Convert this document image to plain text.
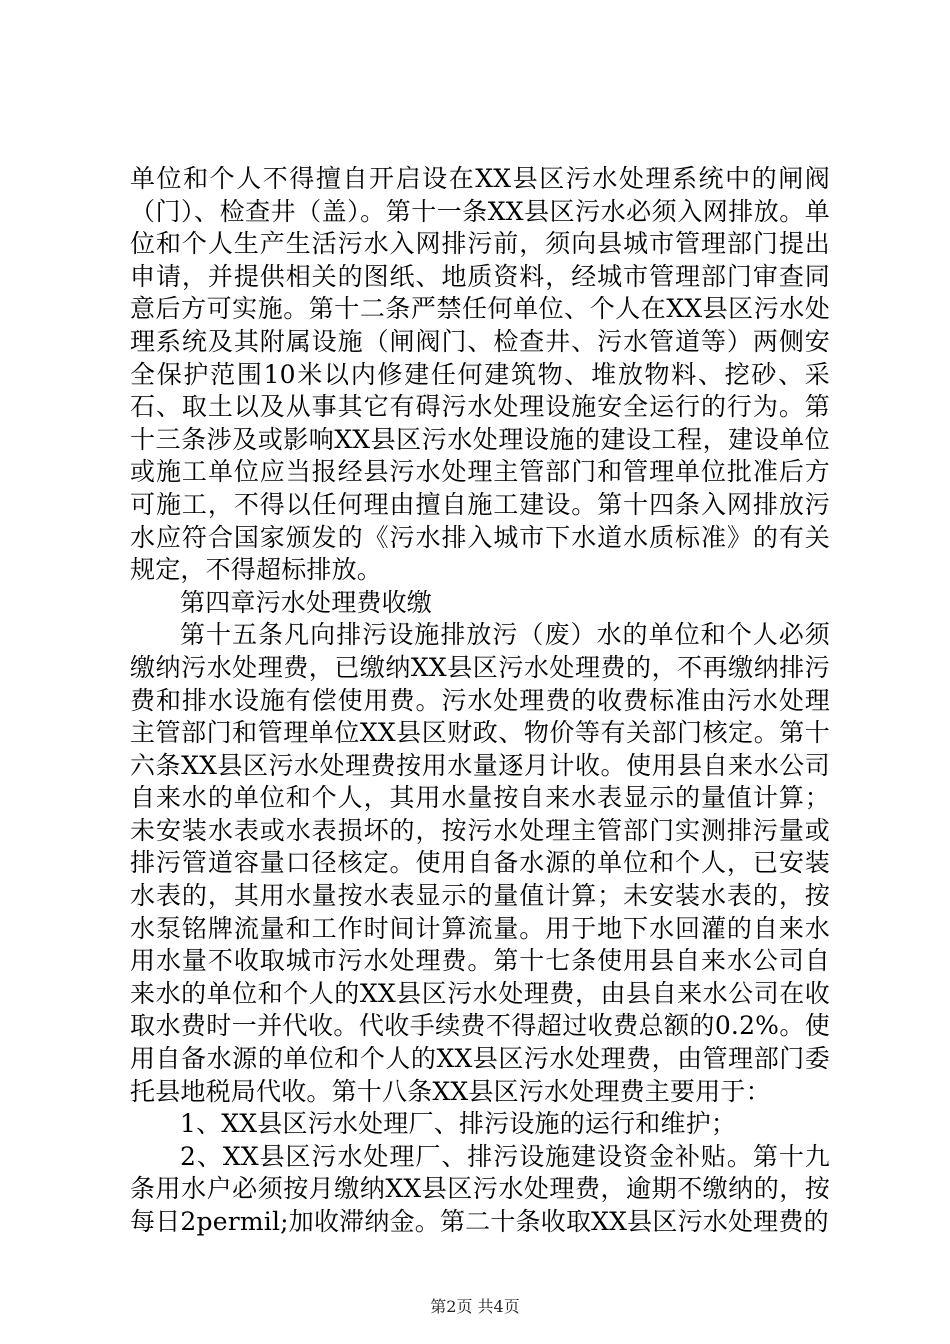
单位和个人不得擅自开启设在XX县区污水处理系统中的闸阀（门）、检查井（盖）。第十一条XX县区污水必须入网排放。单位和个人生产生活污水入网排污前，须向县城市管理部门提出申请，并提供相关的图纸、地质资料，经城市管理部门审查同意后方可实施。第十二条严禁任何单位、个人在XX县区污水处理系统及其附属设施（闸阀门、检查井、污水管道等）两侧安全保护范围10米以内修建任何建筑物、堆放物料、挖砂、采石、取土以及从事其它有碍污水处理设施安全运行的行为。第十三条涉及或影响XX县区污水处理设施的建设工程，建设单位或施工单位应当报经县污水处理主管部门和管理单位批准后方可施工，不得以任何理由擅自施工建设。第十四条入网排放污水应符合国家颁发的《污水排入城市下水道水质标准》的有关规定，不得超标排放。

第四章污水处理费收缴

第十五条凡向排污设施排放污（废）水的单位和个人必须缴纳污水处理费，已缴纳XX县区污水处理费的，不再缴纳排污费和排水设施有偿使用费。污水处理费的收费标准由污水处理主管部门和管理单位XX县区财政、物价等有关部门核定。第十六条XX县区污水处理费按用水量逐月计收。使用县自来水公司自来水的单位和个人，其用水量按自来水表显示的量值计算；未安装水表或水表损坏的，按污水处理主管部门实测排污量或排污管道容量口径核定。使用自备水源的单位和个人，已安装水表的，其用水量按水表显示的量值计算；未安装水表的，按水泵铭牌流量和工作时间计算流量。用于地下水回灌的自来水用水量不收取城市污水处理费。第十七条使用县自来水公司自来水的单位和个人的XX县区污水处理费，由县自来水公司在收取水费时一并代收。代收手续费不得超过收费总额的0.2%。使用自备水源的单位和个人的XX县区污水处理费，由管理部门委托县地税局代收。第十八条XX县区污水处理费主要用于：

1、XX县区污水处理厂、排污设施的运行和维护；

2、XX县区污水处理厂、排污设施建设资金补贴。第十九条用水户必须按月缴纳XX县区污水处理费，逾期不缴纳的，按每日2permil;加收滞纳金。第二十条收取XX县区污水处理费的

第2页 共4页
